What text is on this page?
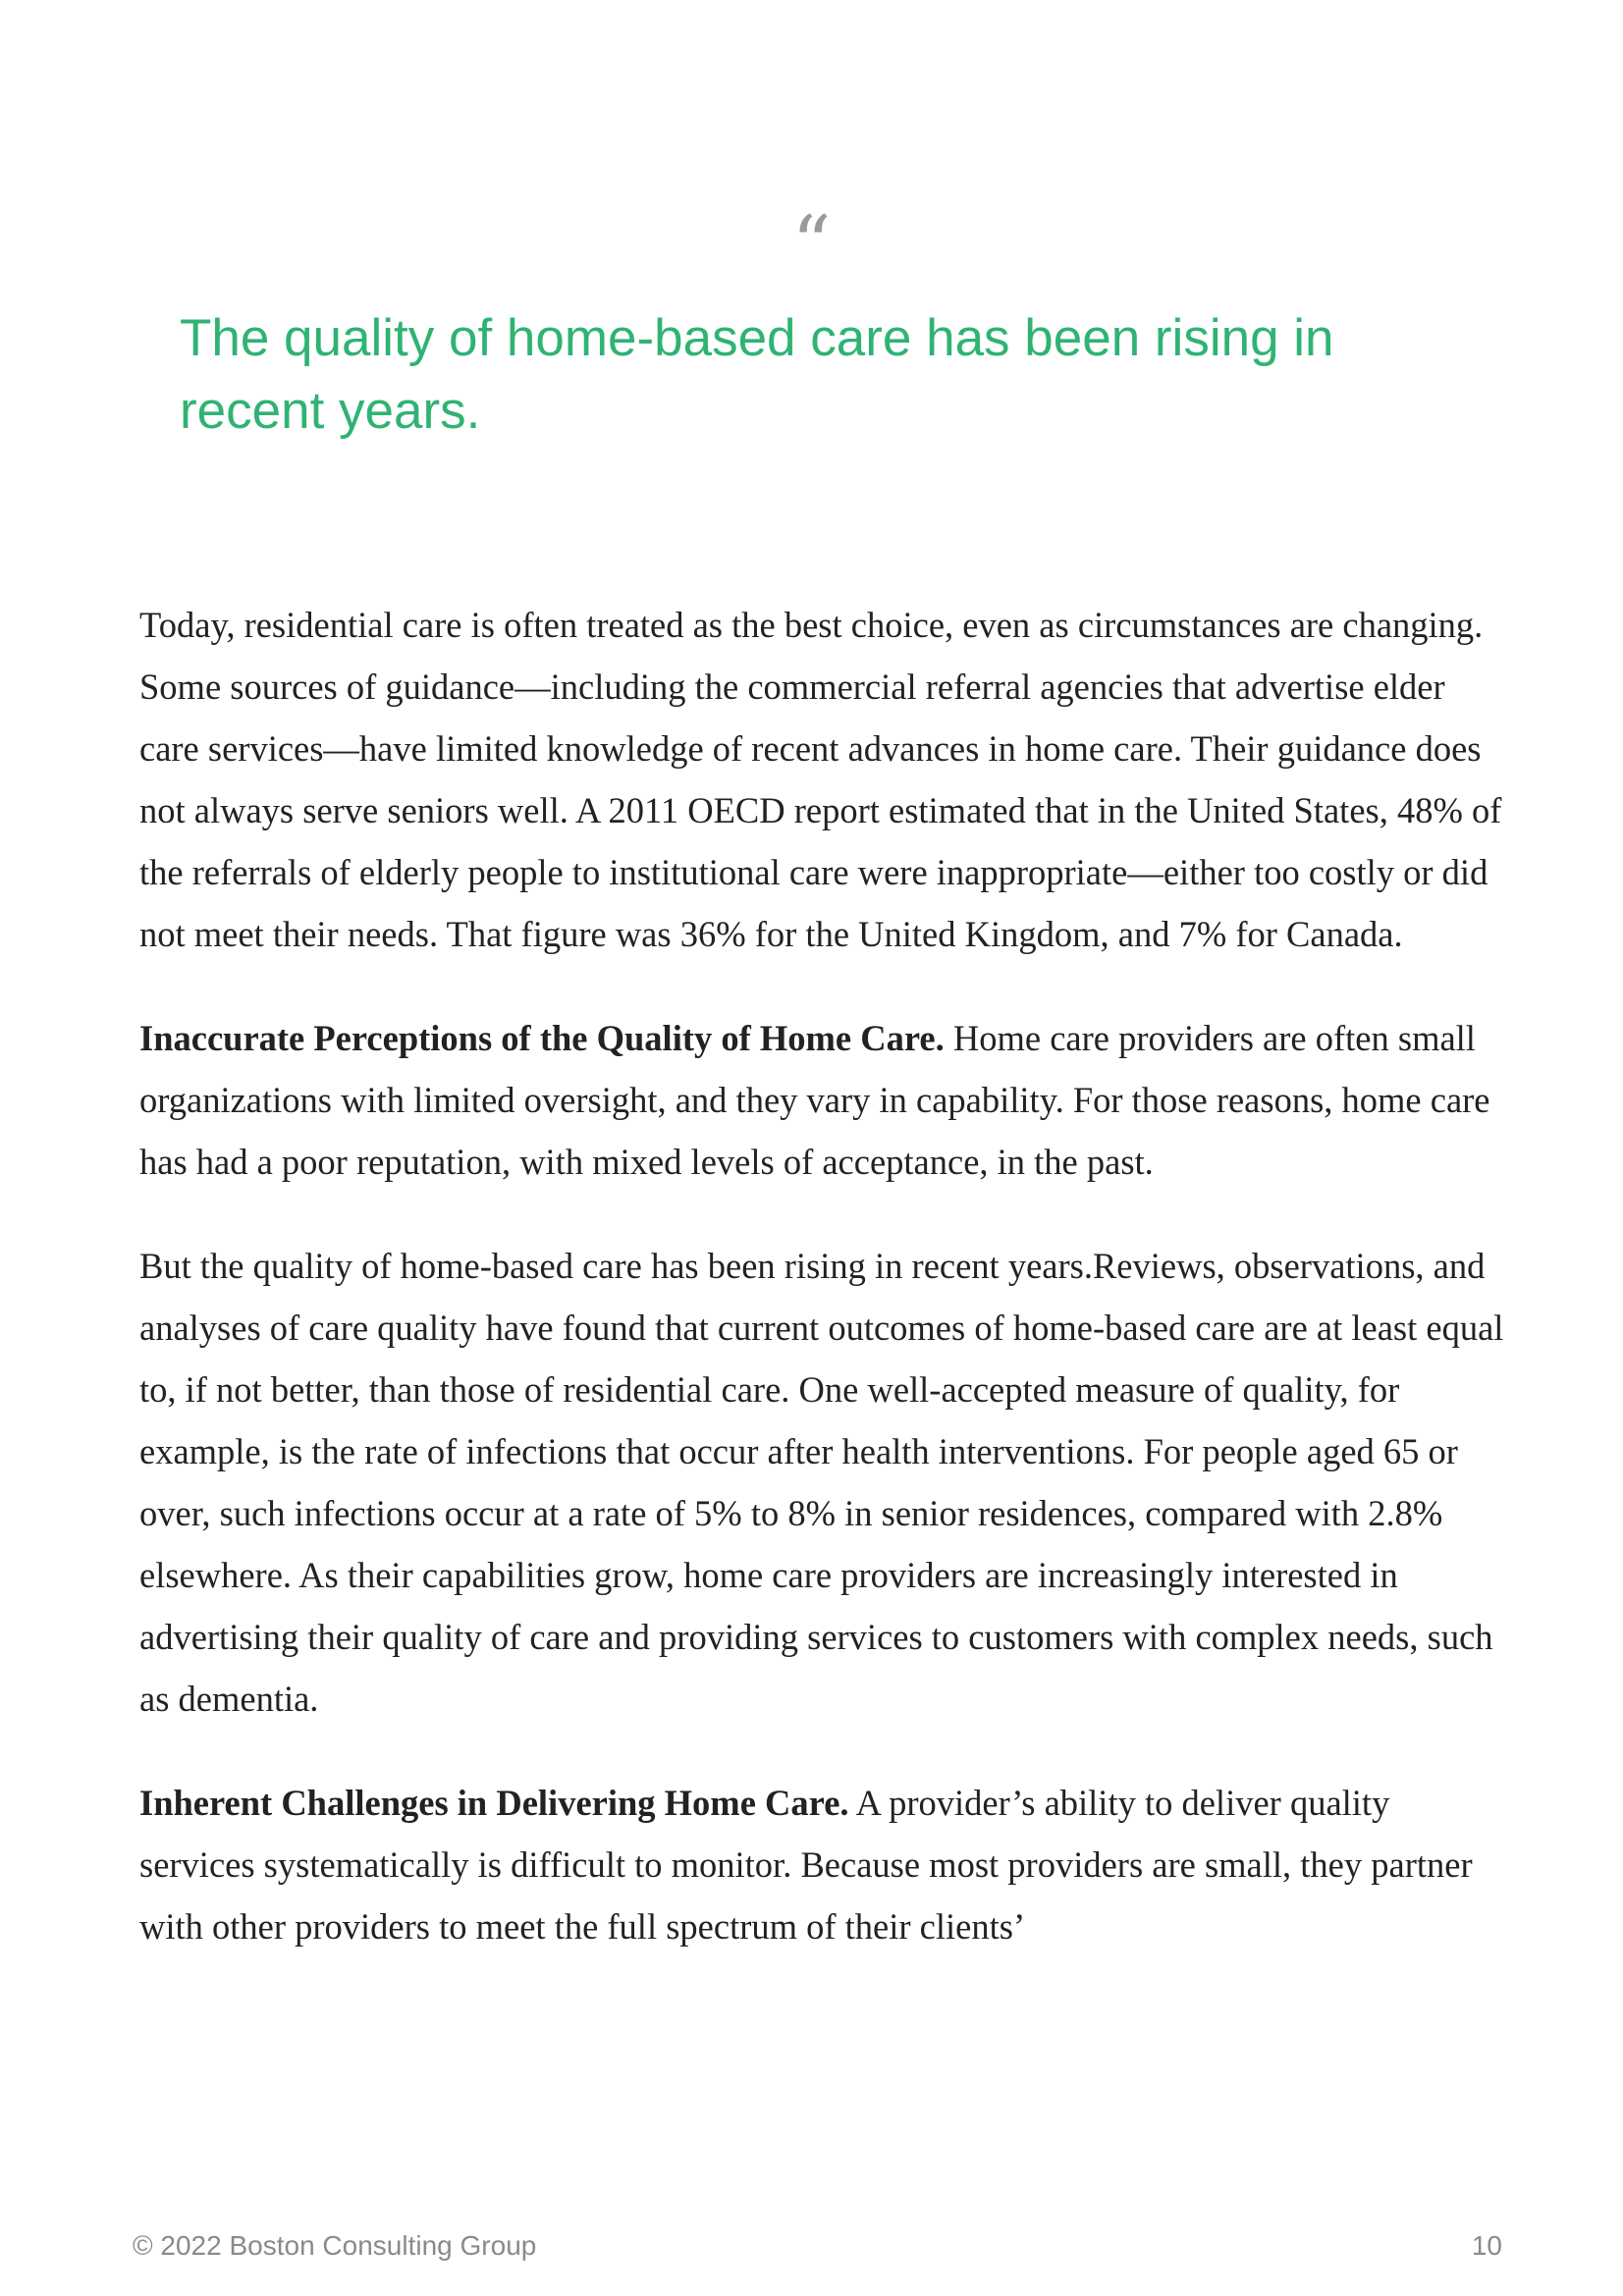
“
The quality of home-based care has been rising in recent years.

Today, residential care is often treated as the best choice, even as circumstances are changing. Some sources of guidance—including the commercial referral agencies that advertise elder care services—have limited knowledge of recent advances in home care. Their guidance does not always serve seniors well. A 2011 OECD report estimated that in the United States, 48% of the referrals of elderly people to institutional care were inappropriate—either too costly or did not meet their needs. That figure was 36% for the United Kingdom, and 7% for Canada.

Inaccurate Perceptions of the Quality of Home Care. Home care providers are often small organizations with limited oversight, and they vary in capability. For those reasons, home care has had a poor reputation, with mixed levels of acceptance, in the past.

But the quality of home-based care has been rising in recent years.Reviews, observations, and analyses of care quality have found that current outcomes of home-based care are at least equal to, if not better, than those of residential care. One well-accepted measure of quality, for example, is the rate of infections that occur after health interventions. For people aged 65 or over, such infections occur at a rate of 5% to 8% in senior residences, compared with 2.8% elsewhere. As their capabilities grow, home care providers are increasingly interested in advertising their quality of care and providing services to customers with complex needs, such as dementia.

Inherent Challenges in Delivering Home Care. A provider’s ability to deliver quality services systematically is difficult to monitor. Because most providers are small, they partner with other providers to meet the full spectrum of their clients’

© 2022 Boston Consulting Group	10
